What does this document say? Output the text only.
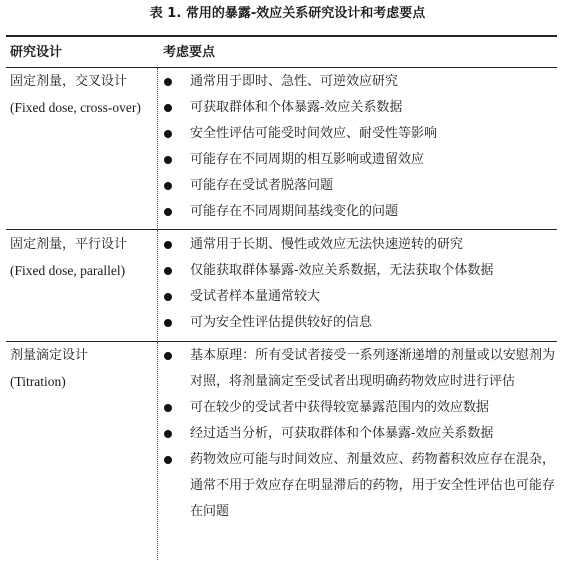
表 1. 常用的暴露-效应关系研究设计和考虑要点
研究设计	考虑要点
固定剂量，交叉设计
(Fixed dose, cross-over)
通常用于即时、急性、可逆效应研究
可获取群体和个体暴露-效应关系数据
安全性评估可能受时间效应、耐受性等影响
可能存在不同周期的相互影响或遗留效应
可能存在受试者脱落问题
可能存在不同周期间基线变化的问题
固定剂量，平行设计
(Fixed dose, parallel)
通常用于长期、慢性或效应无法快速逆转的研究
仅能获取群体暴露-效应关系数据，无法获取个体数据
受试者样本量通常较大
可为安全性评估提供较好的信息
剂量滴定设计
(Titration)
基本原理：所有受试者接受一系列逐渐递增的剂量或以安慰剂为对照，将剂量滴定至受试者出现明确药物效应时进行评估
可在较少的受试者中获得较宽暴露范围内的效应数据
经过适当分析，可获取群体和个体暴露-效应关系数据
药物效应可能与时间效应、剂量效应、药物蓄积效应存在混杂，通常不用于效应存在明显滞后的药物，用于安全性评估也可能存在问题
